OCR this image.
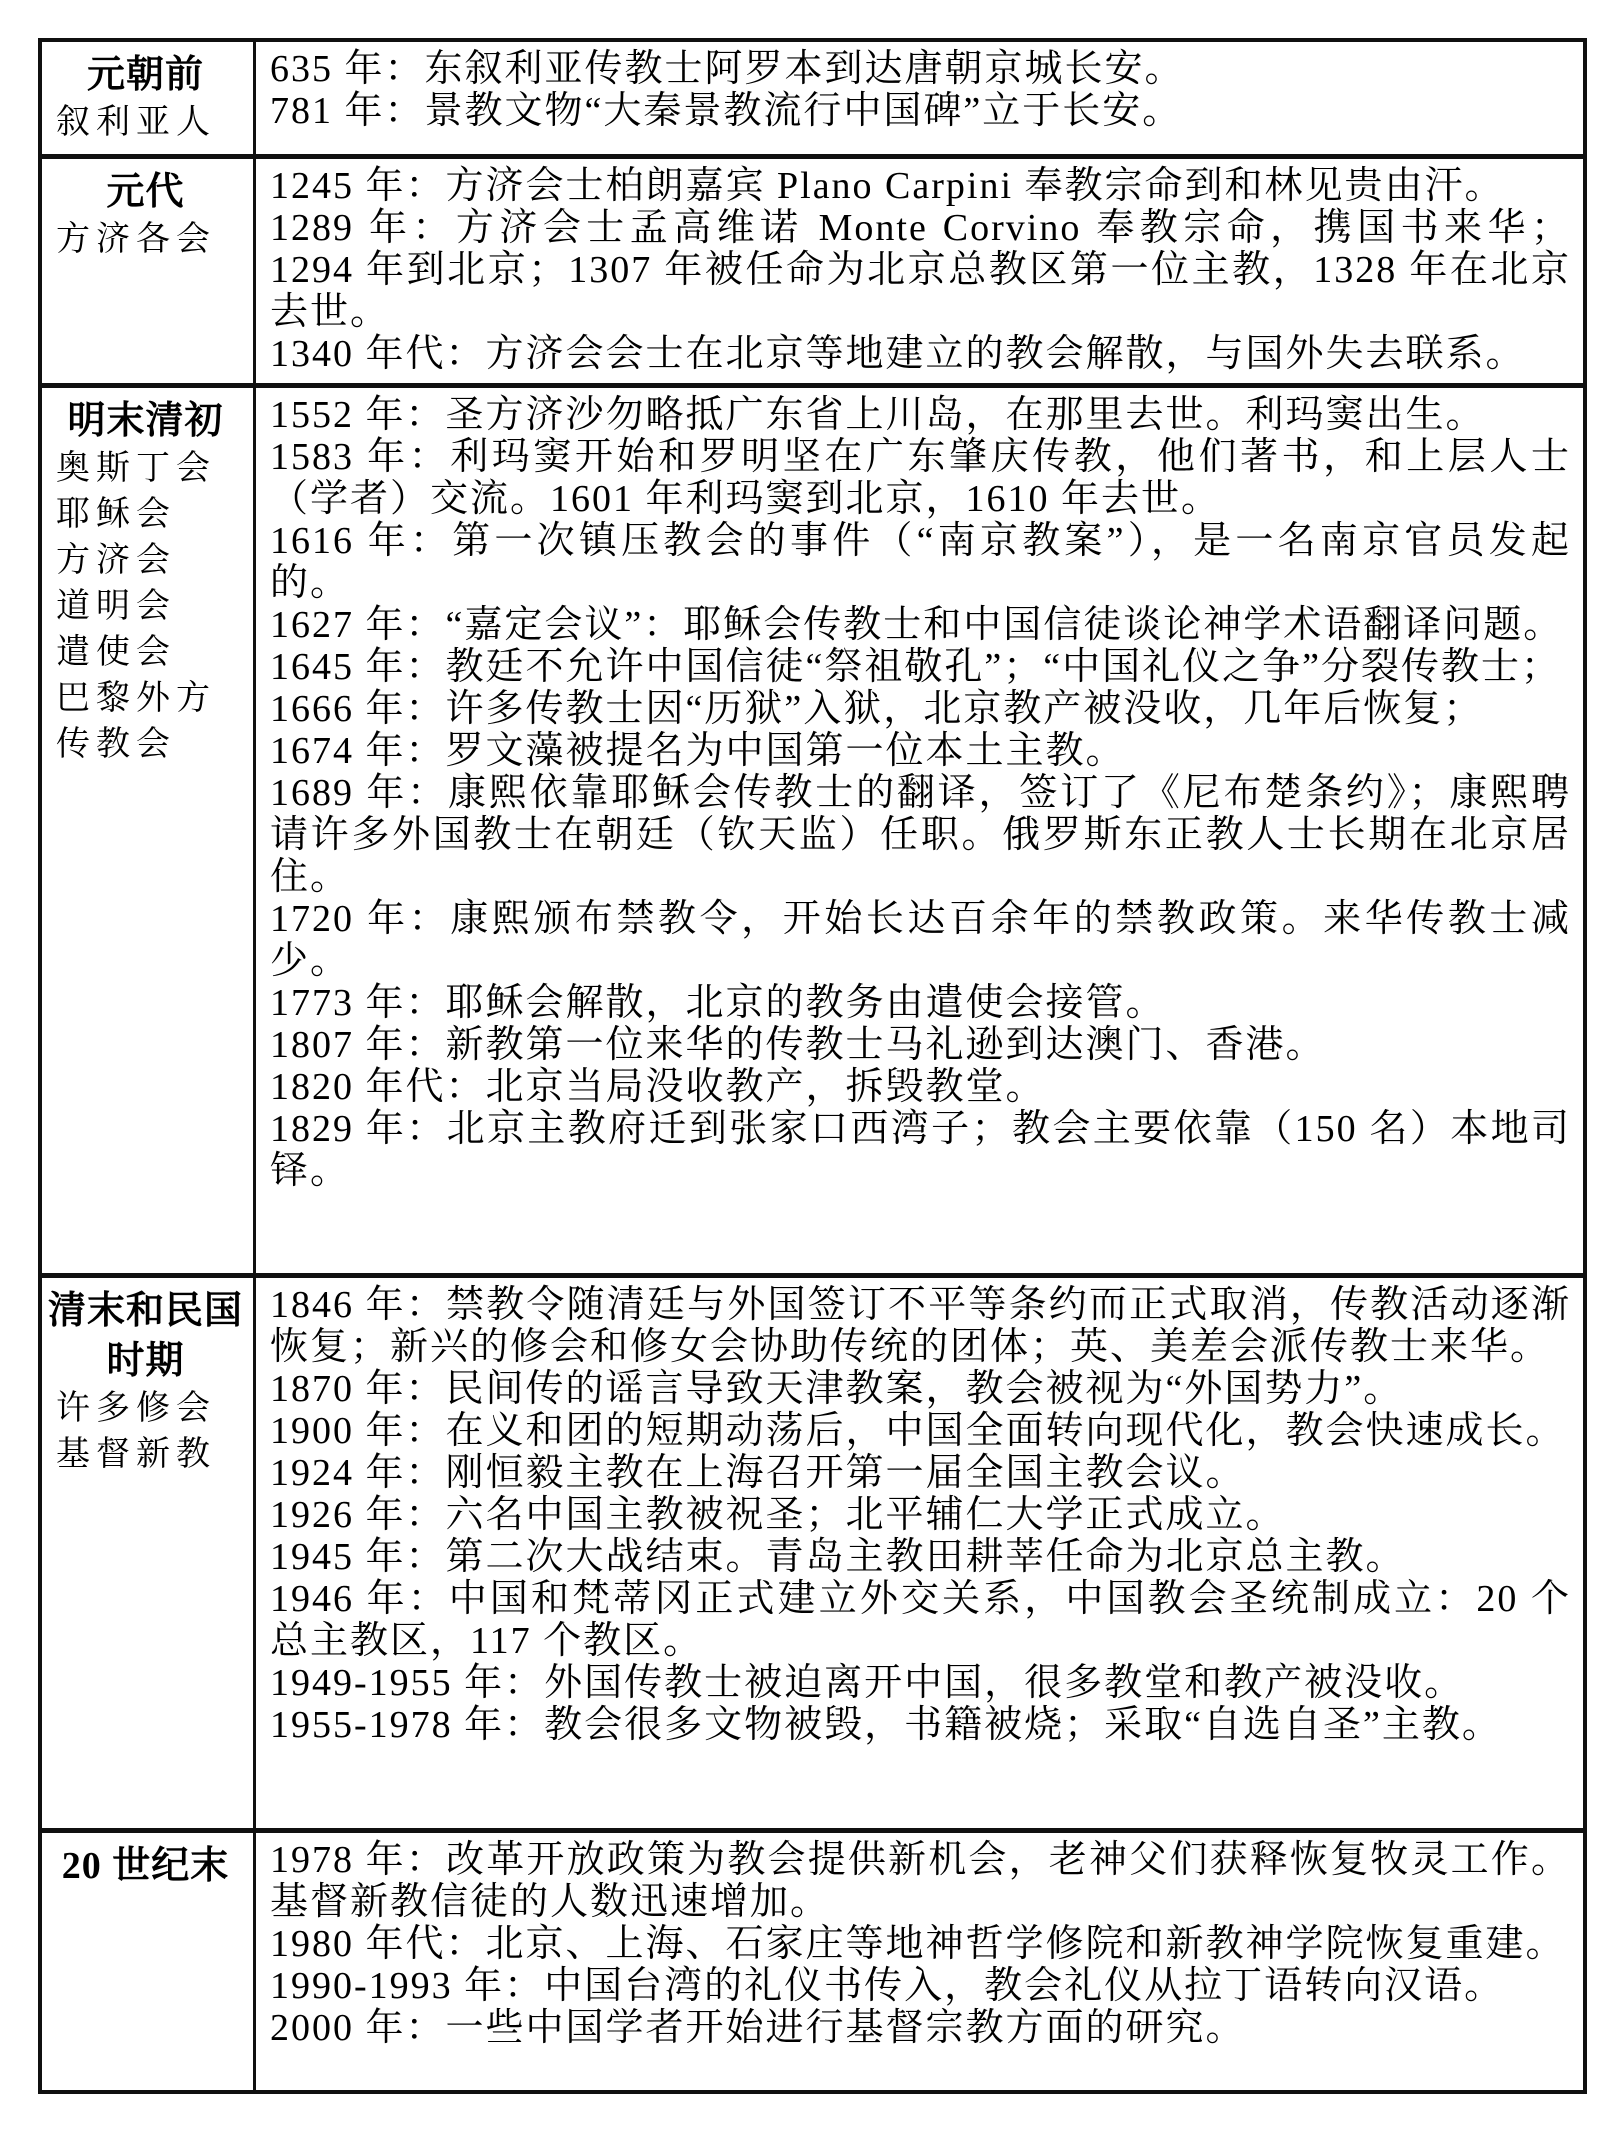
元朝前
叙利亚人
635 年：东叙利亚传教士阿罗本到达唐朝京城长安。
781 年：景教文物“大秦景教流行中国碑”立于长安。
元代
方济各会
1245 年：方济会士柏朗嘉宾 Plano Carpini 奉教宗命到和林见贵由汗。
1289 年：方济会士孟高维诺 Monte Corvino 奉教宗命，携国书来华；1294 年到北京；1307 年被任命为北京总教区第一位主教，1328 年在北京去世。
1340 年代：方济会会士在北京等地建立的教会解散，与国外失去联系。
明末清初
奥斯丁会
耶稣会
方济会
道明会
遣使会
巴黎外方传教会
1552 年：圣方济沙勿略抵广东省上川岛，在那里去世。利玛窦出生。
1583 年：利玛窦开始和罗明坚在广东肇庆传教，他们著书，和上层人士（学者）交流。1601 年利玛窦到北京，1610 年去世。
1616 年：第一次镇压教会的事件（“南京教案”），是一名南京官员发起的。
1627 年：“嘉定会议”：耶稣会传教士和中国信徒谈论神学术语翻译问题。
1645 年：教廷不允许中国信徒“祭祖敬孔”；“中国礼仪之争”分裂传教士；
1666 年：许多传教士因“历狱”入狱，北京教产被没收，几年后恢复；
1674 年：罗文藻被提名为中国第一位本土主教。
1689 年：康熙依靠耶稣会传教士的翻译，签订了《尼布楚条约》；康熙聘请许多外国教士在朝廷（钦天监）任职。俄罗斯东正教人士长期在北京居住。
1720 年：康熙颁布禁教令，开始长达百余年的禁教政策。来华传教士减少。
1773 年：耶稣会解散，北京的教务由遣使会接管。
1807 年：新教第一位来华的传教士马礼逊到达澳门、香港。
1820 年代：北京当局没收教产，拆毁教堂。
1829 年：北京主教府迁到张家口西湾子；教会主要依靠（150 名）本地司铎。
清末和民国时期
许多修会
基督新教
1846 年：禁教令随清廷与外国签订不平等条约而正式取消，传教活动逐渐恢复；新兴的修会和修女会协助传统的团体；英、美差会派传教士来华。
1870 年：民间传的谣言导致天津教案，教会被视为“外国势力”。
1900 年：在义和团的短期动荡后，中国全面转向现代化，教会快速成长。
1924 年：刚恒毅主教在上海召开第一届全国主教会议。
1926 年：六名中国主教被祝圣；北平辅仁大学正式成立。
1945 年：第二次大战结束。青岛主教田耕莘任命为北京总主教。
1946 年：中国和梵蒂冈正式建立外交关系，中国教会圣统制成立：20 个总主教区，117 个教区。
1949-1955 年：外国传教士被迫离开中国，很多教堂和教产被没收。
1955-1978 年：教会很多文物被毁，书籍被烧；采取“自选自圣”主教。
20 世纪末	1978 年：改革开放政策为教会提供新机会，老神父们获释恢复牧灵工作。基督新教信徒的人数迅速增加。
1980 年代：北京、上海、石家庄等地神哲学修院和新教神学院恢复重建。
1990-1993 年：中国台湾的礼仪书传入，教会礼仪从拉丁语转向汉语。
2000 年：一些中国学者开始进行基督宗教方面的研究。
